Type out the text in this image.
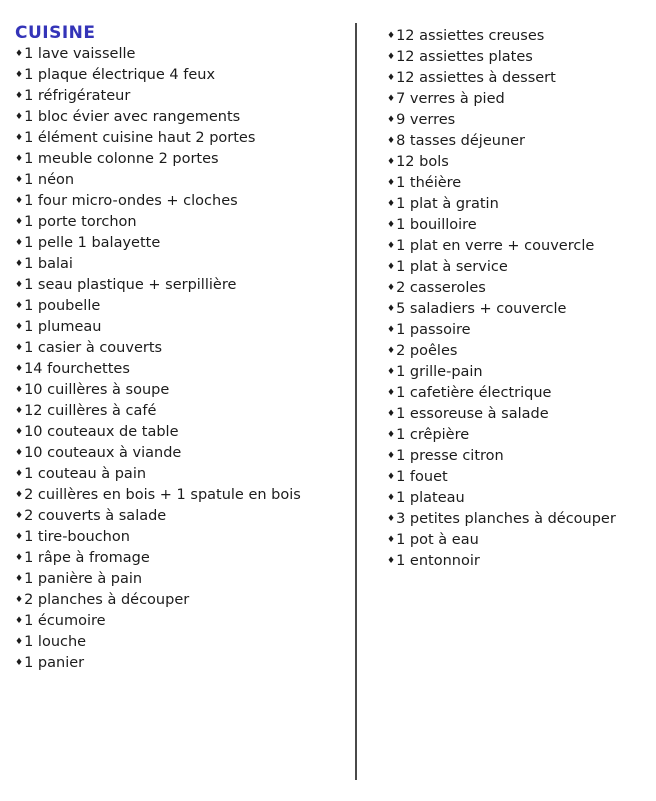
CUISINE
♦1 lave vaisselle
♦1 plaque électrique 4 feux
♦1 réfrigérateur
♦1 bloc évier avec rangements
♦1 élément cuisine haut 2 portes
♦1 meuble colonne 2 portes
♦1 néon
♦1 four micro-ondes + cloches
♦1 porte torchon
♦1 pelle 1 balayette
♦1 balai
♦1 seau plastique + serpillière
♦1 poubelle
♦1 plumeau
♦1 casier à couverts
♦14 fourchettes
♦10 cuillères à soupe
♦12 cuillères à café
♦10 couteaux de table
♦10 couteaux à viande
♦1 couteau à pain
♦2 cuillères en bois + 1 spatule en bois
♦2 couverts à salade
♦1 tire-bouchon
♦1 râpe à fromage
♦1 panière à pain
♦2 planches à découper
♦1 écumoire
♦1 louche
♦1 panier
♦12 assiettes creuses
♦12 assiettes plates
♦12 assiettes à dessert
♦7 verres à pied
♦9 verres
♦8 tasses déjeuner
♦12 bols
♦1 théière
♦1 plat à gratin
♦1 bouilloire
♦1 plat en verre + couvercle
♦1 plat à service
♦2 casseroles
♦5 saladiers + couvercle
♦1 passoire
♦2 poêles
♦1 grille-pain
♦1 cafetière électrique
♦1 essoreuse à salade
♦1 crêpière
♦1 presse citron
♦1 fouet
♦1 plateau
♦3 petites planches à découper
♦1 pot à eau
♦1 entonnoir
